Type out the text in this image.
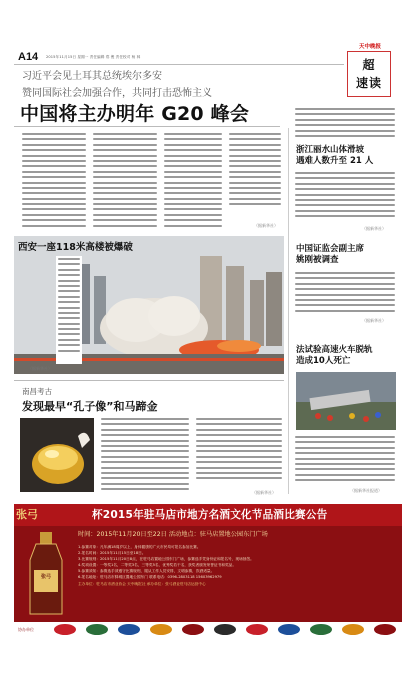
A14 2015年11月15日 星期一 责任编辑 郑 俊 责任校对 杨 林
天中晚报
超
速读
习近平会见土耳其总统埃尔多安
赞同国际社会加强合作，共同打击恐怖主义
中国将主办明年 G20 峰会
（据新华社）
西安一座118米高楼被爆破
（据新华社）
南昌考古
发现最早“孔子像”和马蹄金
（据新华社）
浙江丽水山体滑坡
遇难人数升至 21 人
（据新华社）
中国证监会副主席
姚刚被调查
（据新华社）
法试验高速火车脱轨
造成10人死亡
（据新华社报道）
张弓	杯2015年驻马店市地方名酒文化节品酒比赛公告
时间：2015年11月20日至22日 活动地点：驻马店置地公园东门广场
张弓
1.参赛对象：凡年满18周岁以上，身体健康的广大市民均可报名参加比赛。
2.报名时间：2015年11月15日至18日。
3.比赛规则：2015年11月20日8点，在驻马店置地公园东门广场，参赛选手凭身份证和报名号，现场抽签。
4.奖项设置：一等奖1名，二等奖3名，三等奖5名，优秀奖若干名，获奖者颁发荣誉证书和奖品。
5.参赛须知：参赛选手须遵守比赛规则，服从工作人员安排，文明参赛，饮酒适量。
6.报名地址：驻马店市驿城区置地公园东门 联系电话：0396-2803118 15603962979
主办单位：驻马店市酒业协会 天中晚报社 承办单位：张弓酒业驻马店运营中心
协办单位
